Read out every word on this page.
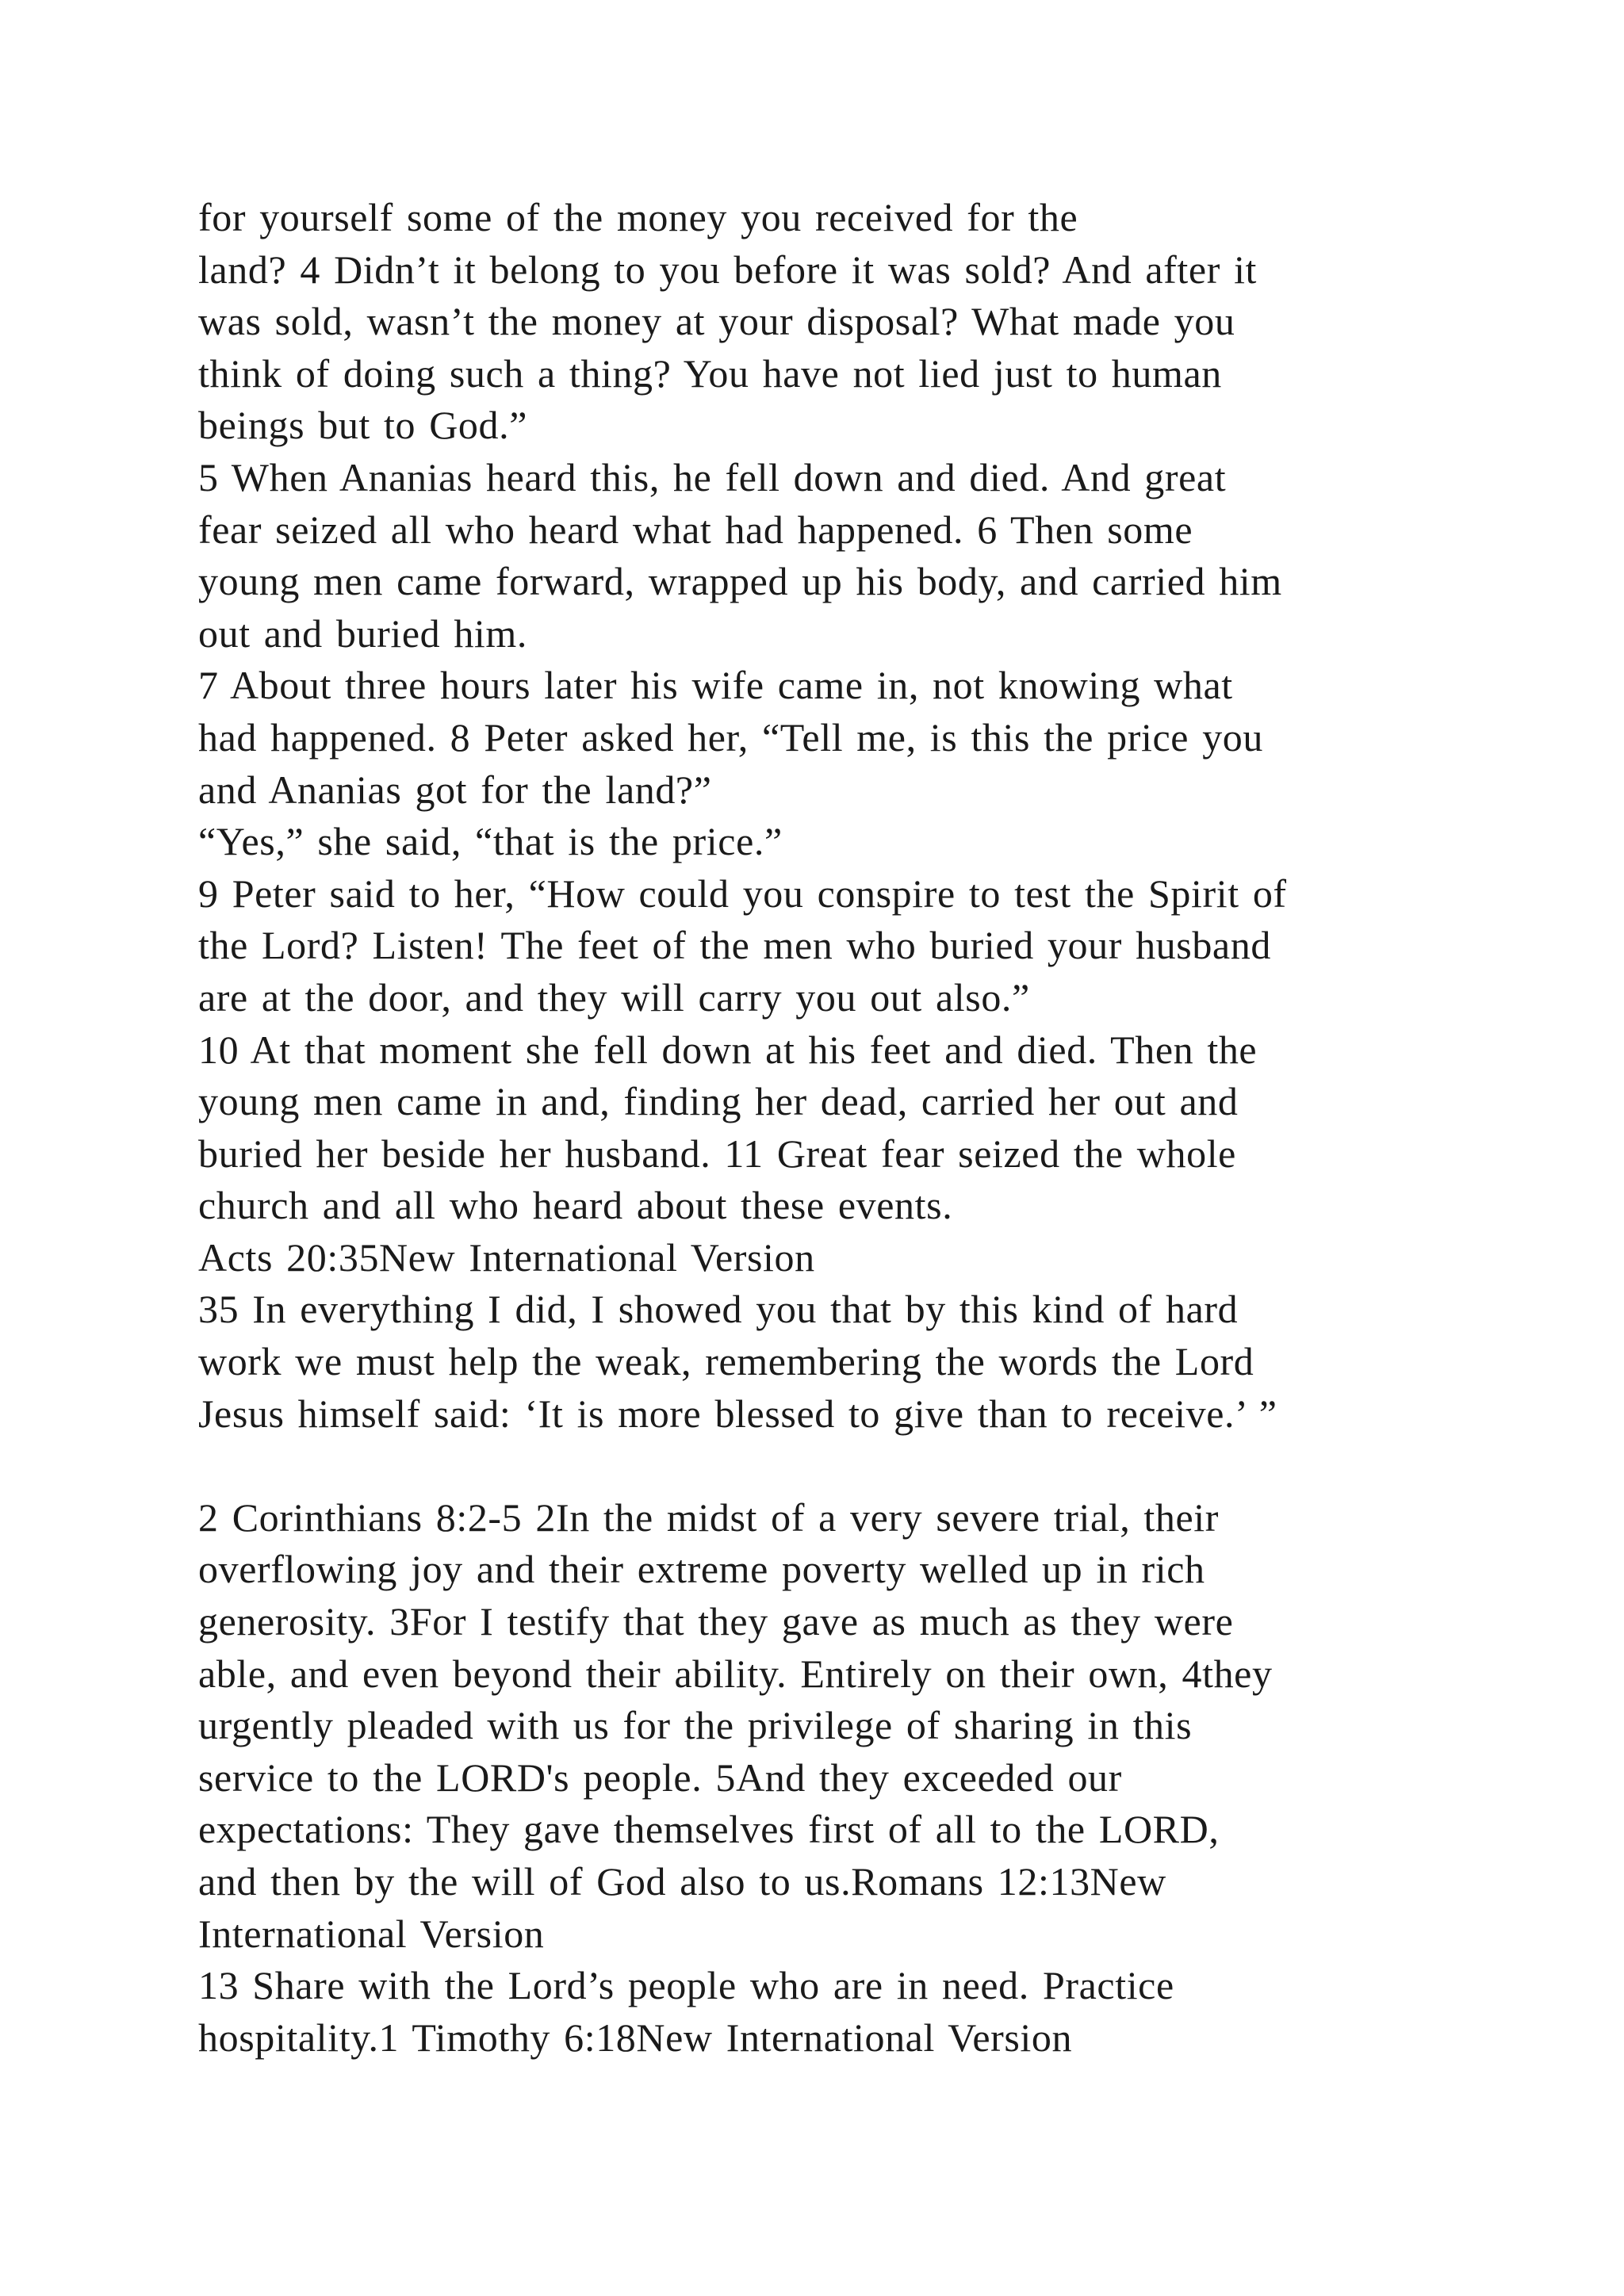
for yourself some of the money you received for the
land? 4 Didn’t it belong to you before it was sold? And after it
was sold, wasn’t the money at your disposal? What made you
think of doing such a thing? You have not lied just to human
beings but to God.”
5 When Ananias heard this, he fell down and died. And great
fear seized all who heard what had happened. 6 Then some
young men came forward, wrapped up his body, and carried him
out and buried him.
7 About three hours later his wife came in, not knowing what
had happened. 8 Peter asked her, “Tell me, is this the price you
and Ananias got for the land?”
“Yes,” she said, “that is the price.”
9 Peter said to her, “How could you conspire to test the Spirit of
the Lord? Listen! The feet of the men who buried your husband
are at the door, and they will carry you out also.”
10 At that moment she fell down at his feet and died. Then the
young men came in and, finding her dead, carried her out and
buried her beside her husband. 11 Great fear seized the whole
church and all who heard about these events.
Acts 20:35New International Version
35 In everything I did, I showed you that by this kind of hard
work we must help the weak, remembering the words the Lord
Jesus himself said: ‘It is more blessed to give than to receive.’ ”
2 Corinthians 8:2-5 2In the midst of a very severe trial, their
overflowing joy and their extreme poverty welled up in rich
generosity. 3For I testify that they gave as much as they were
able, and even beyond their ability. Entirely on their own, 4they
urgently pleaded with us for the privilege of sharing in this
service to the LORD's people. 5And they exceeded our
expectations: They gave themselves first of all to the LORD,
and then by the will of God also to us.Romans 12:13New
International Version
13 Share with the Lord’s people who are in need. Practice
hospitality.1 Timothy 6:18New International Version
